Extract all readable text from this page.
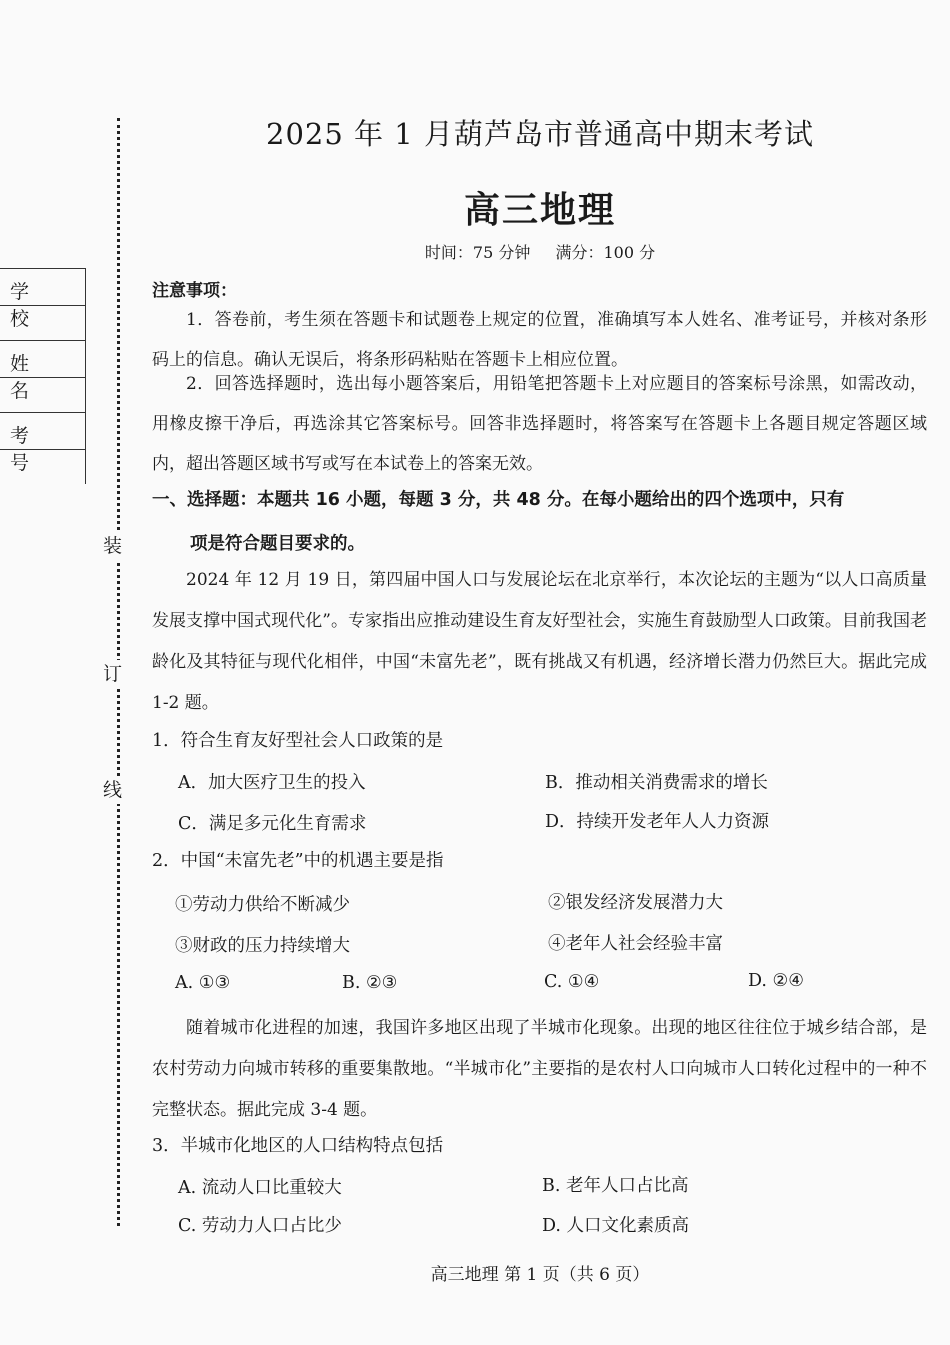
学 校
姓 名
考 号
装
订
线
2025 年 1 月葫芦岛市普通高中期末考试
高三地理
时间：75 分钟 满分：100 分
注意事项：
1．答卷前，考生须在答题卡和试题卷上规定的位置，准确填写本人姓名、准考证号，并核对条形码上的信息。确认无误后，将条形码粘贴在答题卡上相应位置。
2．回答选择题时，选出每小题答案后，用铅笔把答题卡上对应题目的答案标号涂黑，如需改动，用橡皮擦干净后，再选涂其它答案标号。回答非选择题时，将答案写在答题卡上各题目规定答题区域内，超出答题区域书写或写在本试卷上的答案无效。
一、选择题：本题共 16 小题，每题 3 分，共 48 分。在每小题给出的四个选项中，只有
项是符合题目要求的。
2024 年 12 月 19 日，第四届中国人口与发展论坛在北京举行，本次论坛的主题为“以人口高质量发展支撑中国式现代化”。专家指出应推动建设生育友好型社会，实施生育鼓励型人口政策。目前我国老龄化及其特征与现代化相伴，中国“未富先老”，既有挑战又有机遇，经济增长潜力仍然巨大。据此完成 1-2 题。
1．符合生育友好型社会人口政策的是
A．加大医疗卫生的投入	B．推动相关消费需求的增长
C．满足多元化生育需求	D．持续开发老年人人力资源
2．中国“未富先老”中的机遇主要是指
①劳动力供给不断减少	②银发经济发展潜力大
③财政的压力持续增大	④老年人社会经验丰富
A. ①③	B. ②③	C. ①④	D. ②④
随着城市化进程的加速，我国许多地区出现了半城市化现象。出现的地区往往位于城乡结合部，是农村劳动力向城市转移的重要集散地。“半城市化”主要指的是农村人口向城市人口转化过程中的一种不完整状态。据此完成 3-4 题。
3．半城市化地区的人口结构特点包括
A. 流动人口比重较大	B. 老年人口占比高
C. 劳动力人口占比少	D. 人口文化素质高
高三地理 第 1 页（共 6 页）
